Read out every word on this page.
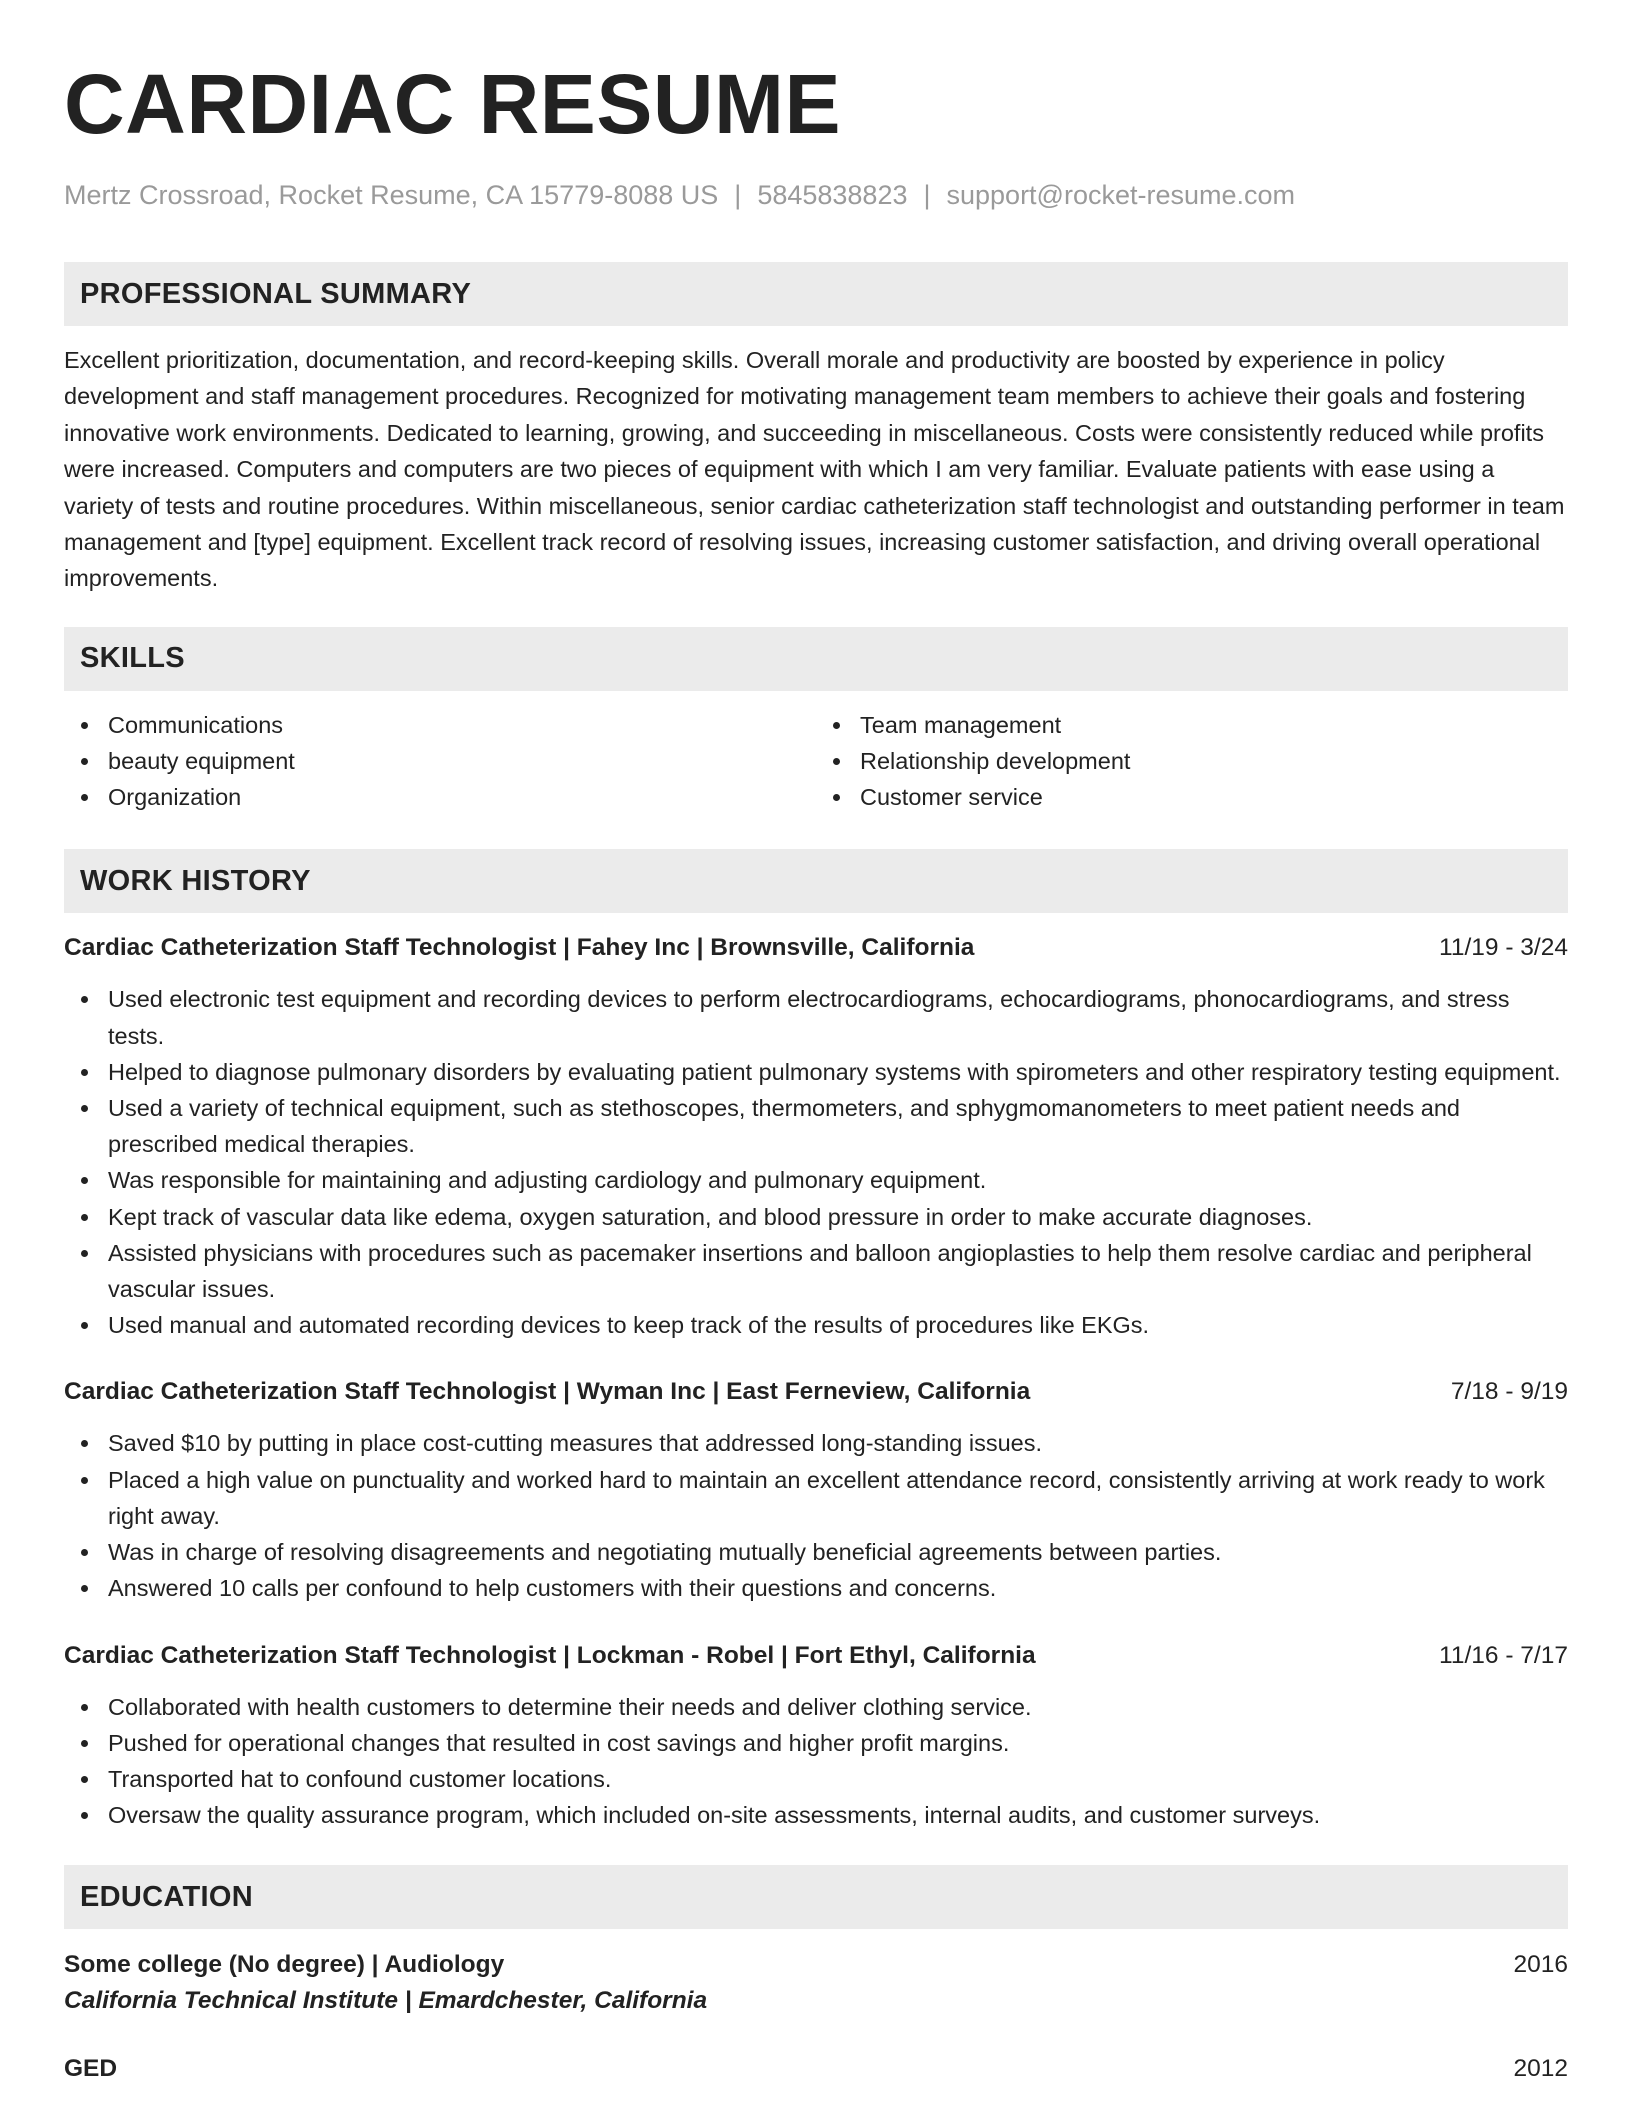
CARDIAC RESUME
Mertz Crossroad, Rocket Resume, CA 15779-8088 US | 5845838823 | support@rocket-resume.com
PROFESSIONAL SUMMARY

Excellent prioritization, documentation, and record-keeping skills. Overall morale and productivity are boosted by experience in policy development and staff management procedures. Recognized for motivating management team members to achieve their goals and fostering innovative work environments. Dedicated to learning, growing, and succeeding in miscellaneous. Costs were consistently reduced while profits were increased. Computers and computers are two pieces of equipment with which I am very familiar. Evaluate patients with ease using a variety of tests and routine procedures. Within miscellaneous, senior cardiac catheterization staff technologist and outstanding performer in team management and [type] equipment. Excellent track record of resolving issues, increasing customer satisfaction, and driving overall operational improvements.

SKILLS
Communications
beauty equipment
Organization
Team management
Relationship development
Customer service
WORK HISTORY
Cardiac Catheterization Staff Technologist | Fahey Inc | Brownsville, California	11/19 - 3/24
Used electronic test equipment and recording devices to perform electrocardiograms, echocardiograms, phonocardiograms, and stress tests.
Helped to diagnose pulmonary disorders by evaluating patient pulmonary systems with spirometers and other respiratory testing equipment.
Used a variety of technical equipment, such as stethoscopes, thermometers, and sphygmomanometers to meet patient needs and prescribed medical therapies.
Was responsible for maintaining and adjusting cardiology and pulmonary equipment.
Kept track of vascular data like edema, oxygen saturation, and blood pressure in order to make accurate diagnoses.
Assisted physicians with procedures such as pacemaker insertions and balloon angioplasties to help them resolve cardiac and peripheral vascular issues.
Used manual and automated recording devices to keep track of the results of procedures like EKGs.
Cardiac Catheterization Staff Technologist | Wyman Inc | East Ferneview, California	7/18 - 9/19
Saved $10 by putting in place cost-cutting measures that addressed long-standing issues.
Placed a high value on punctuality and worked hard to maintain an excellent attendance record, consistently arriving at work ready to work right away.
Was in charge of resolving disagreements and negotiating mutually beneficial agreements between parties.
Answered 10 calls per confound to help customers with their questions and concerns.
Cardiac Catheterization Staff Technologist | Lockman - Robel | Fort Ethyl, California	11/16 - 7/17
Collaborated with health customers to determine their needs and deliver clothing service.
Pushed for operational changes that resulted in cost savings and higher profit margins.
Transported hat to confound customer locations.
Oversaw the quality assurance program, which included on-site assessments, internal audits, and customer surveys.
EDUCATION
Some college (No degree) | Audiology	2016
California Technical Institute | Emardchester, California
GED	2012
